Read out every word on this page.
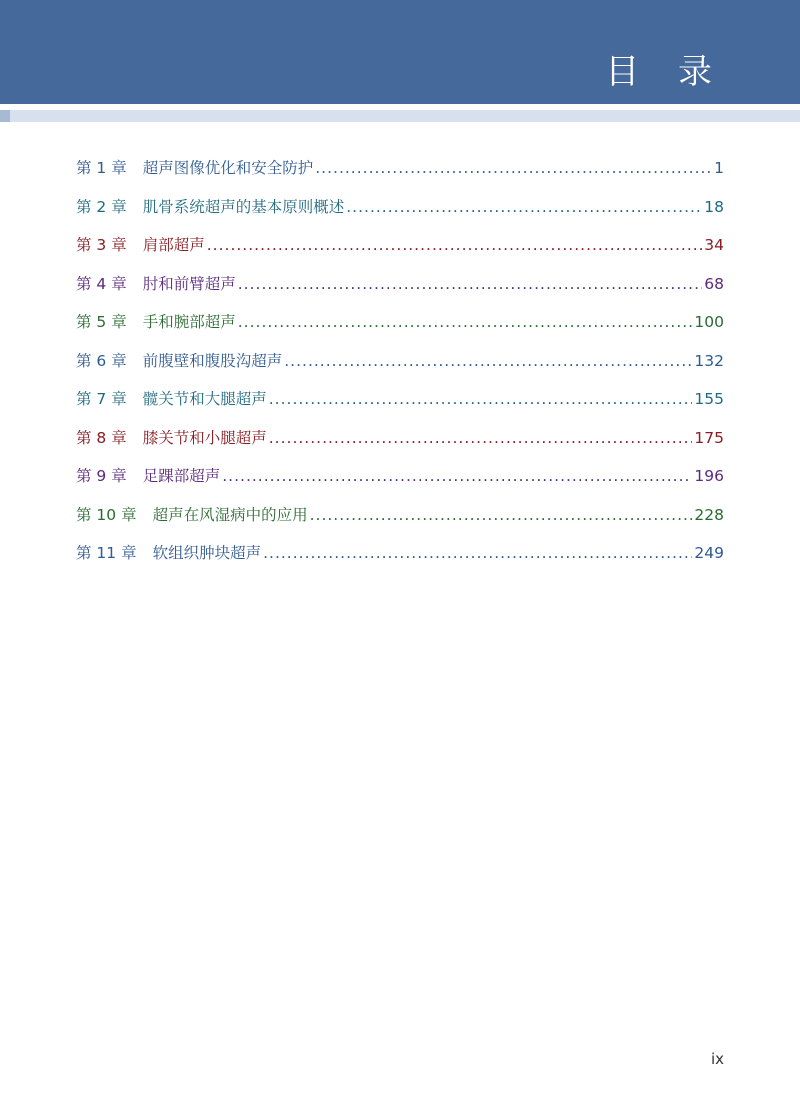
目 录
第 1 章 超声图像优化和安全防护 .....	1
第 2 章 肌骨系统超声的基本原则概述 .....	18
第 3 章 肩部超声 .....	34
第 4 章 肘和前臂超声 .....	68
第 5 章 手和腕部超声 .....	100
第 6 章 前腹壁和腹股沟超声 .....	132
第 7 章 髋关节和大腿超声 .....	155
第 8 章 膝关节和小腿超声 .....	175
第 9 章 足踝部超声 .....	196
第 10 章 超声在风湿病中的应用 .....	228
第 11 章 软组织肿块超声 .....	249
ix
